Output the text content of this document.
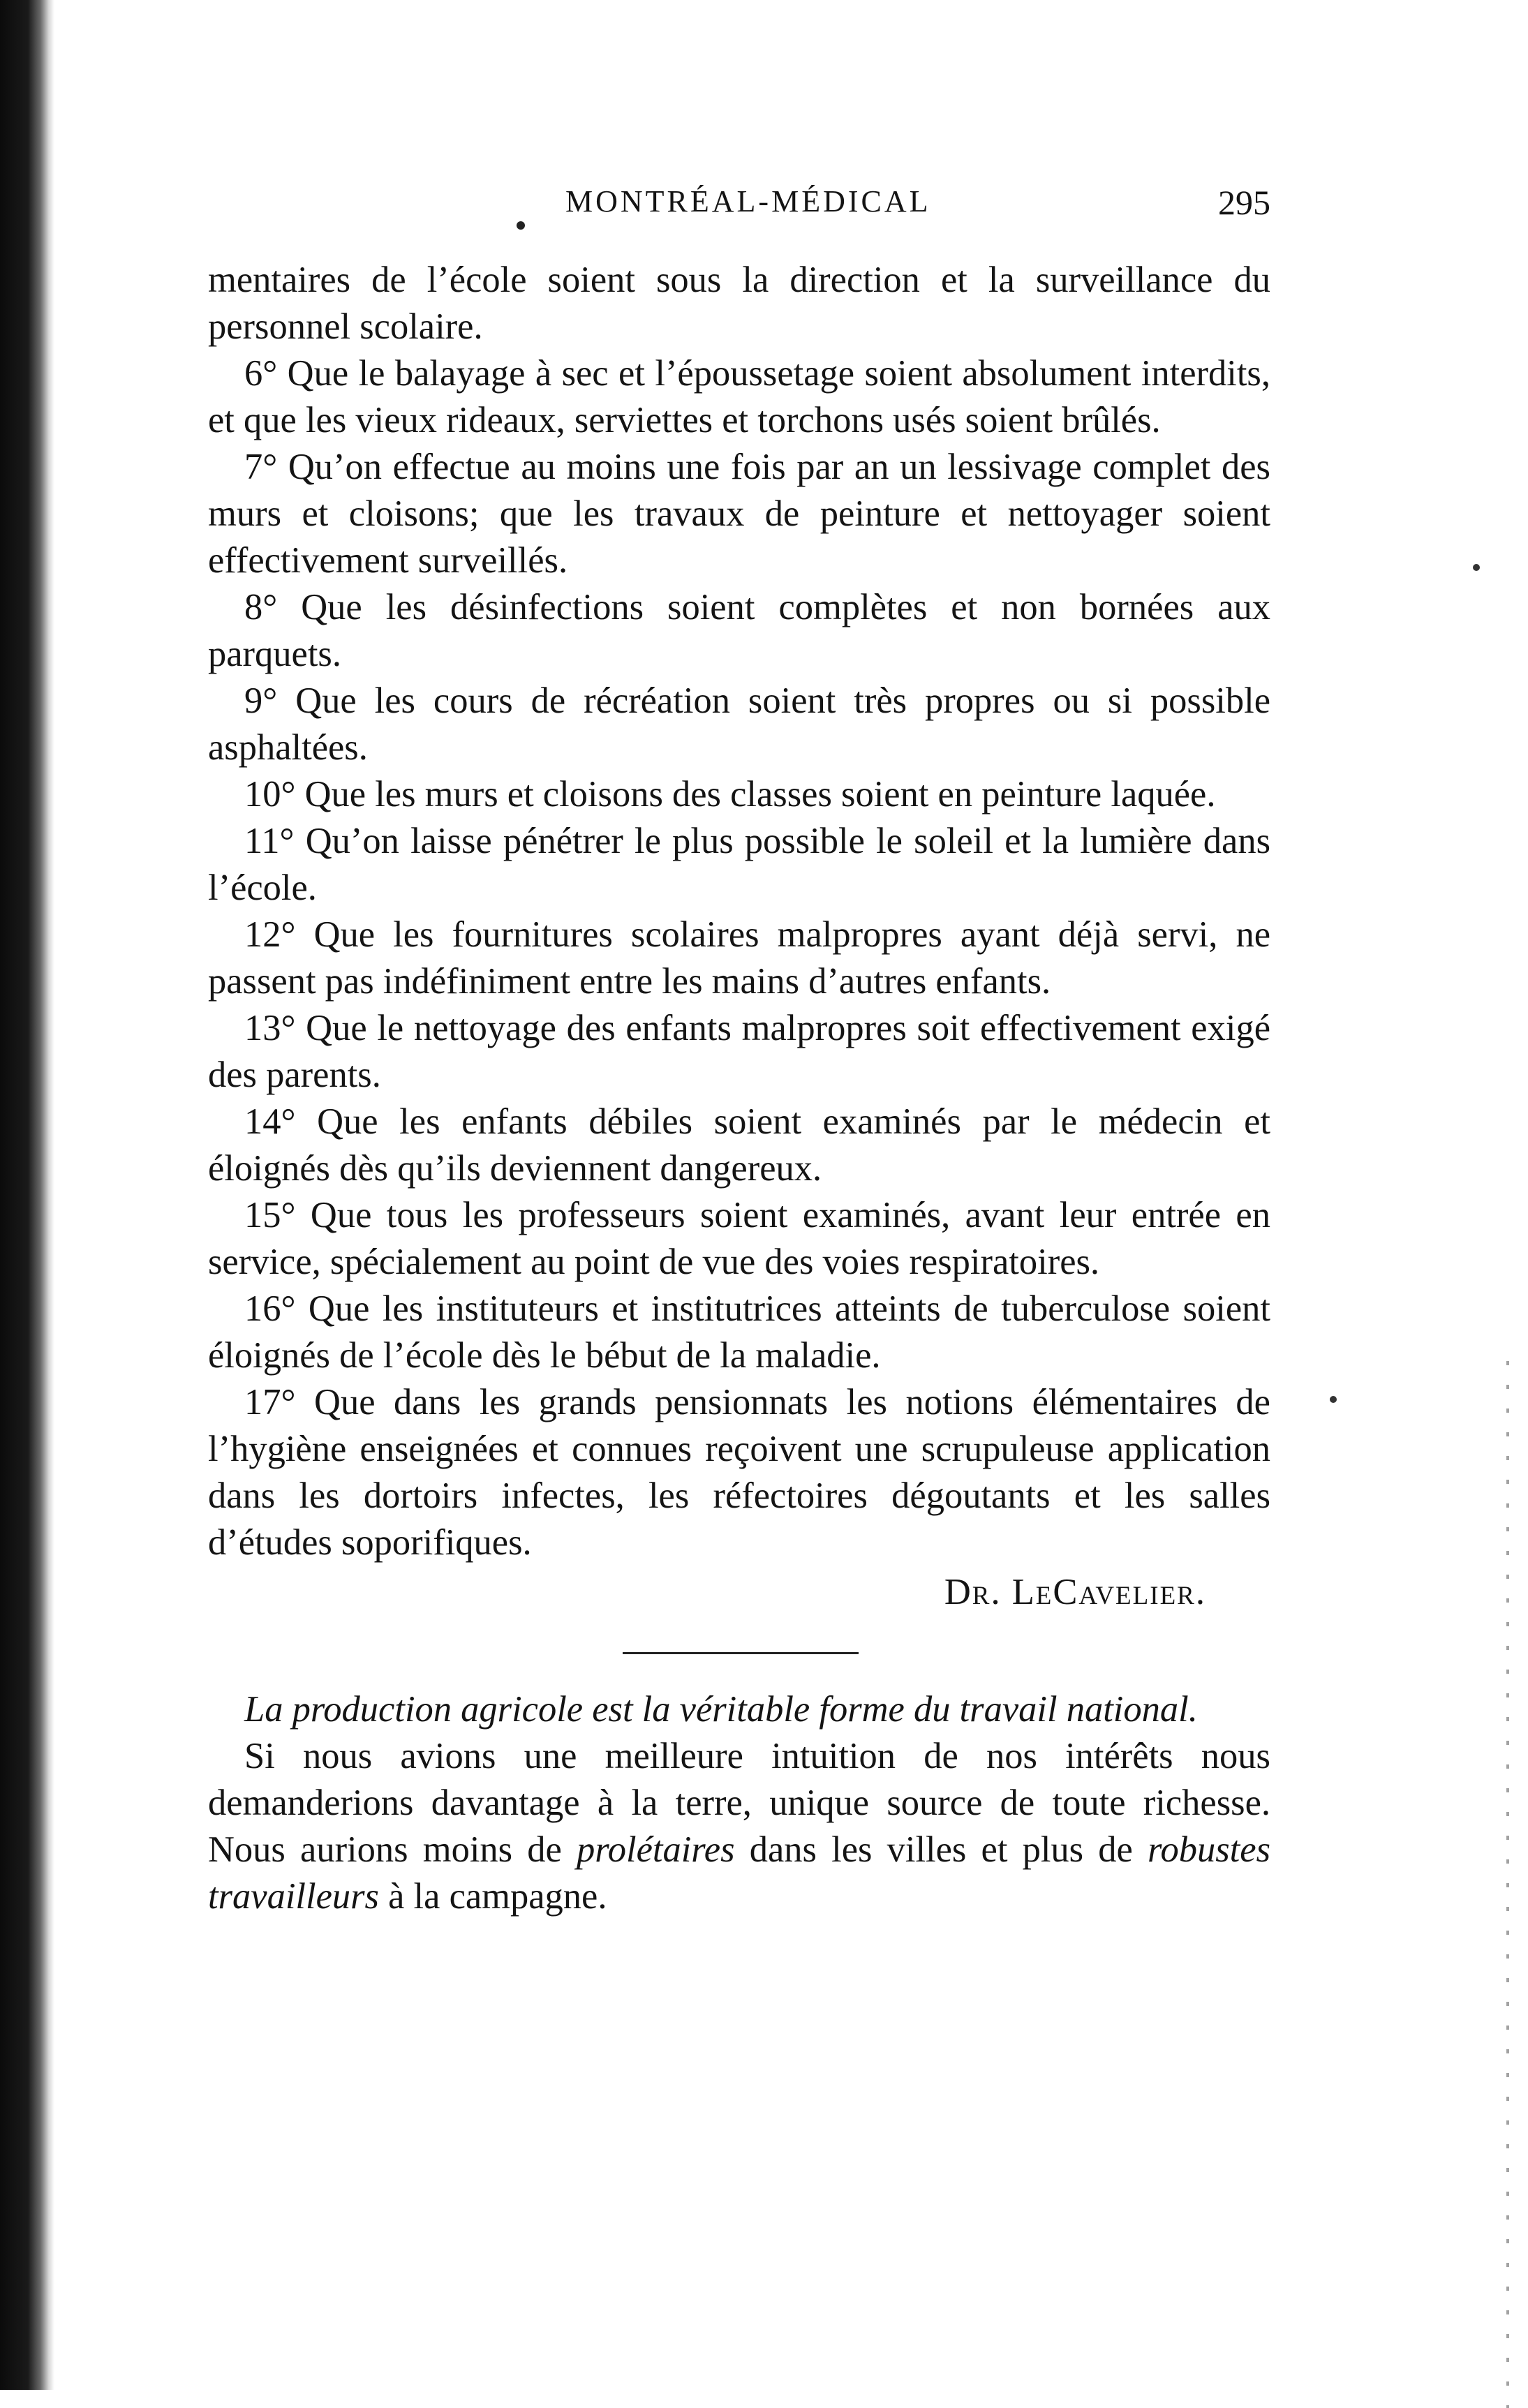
MONTRÉAL-MÉDICAL	295

mentaires de l’école soient sous la direction et la surveillance du personnel scolaire.

6° Que le balayage à sec et l’époussetage soient absolument interdits, et que les vieux rideaux, serviettes et torchons usés soient brûlés.

7° Qu’on effectue au moins une fois par an un lessivage complet des murs et cloisons; que les travaux de peinture et nettoyager soient effectivement surveillés.

8° Que les désinfections soient complètes et non bornées aux parquets.

9° Que les cours de récréation soient très propres ou si possible asphaltées.

10° Que les murs et cloisons des classes soient en peinture laquée.

11° Qu’on laisse pénétrer le plus possible le soleil et la lumière dans l’école.

12° Que les fournitures scolaires malpropres ayant déjà servi, ne passent pas indéfiniment entre les mains d’autres enfants.

13° Que le nettoyage des enfants malpropres soit effectivement exigé des parents.

14° Que les enfants débiles soient examinés par le médecin et éloignés dès qu’ils deviennent dangereux.

15° Que tous les professeurs soient examinés, avant leur entrée en service, spécialement au point de vue des voies respiratoires.

16° Que les instituteurs et institutrices atteints de tuberculose soient éloignés de l’école dès le bébut de la maladie.

17° Que dans les grands pensionnats les notions élémentaires de l’hygiène enseignées et connues reçoivent une scrupuleuse application dans les dortoirs infectes, les réfectoires dégoutants et les salles d’études soporifiques.

Dr. LeCavelier.

La production agricole est la véritable forme du travail national.

Si nous avions une meilleure intuition de nos intérêts nous demanderions davantage à la terre, unique source de toute richesse. Nous aurions moins de prolétaires dans les villes et plus de robustes travailleurs à la campagne.
